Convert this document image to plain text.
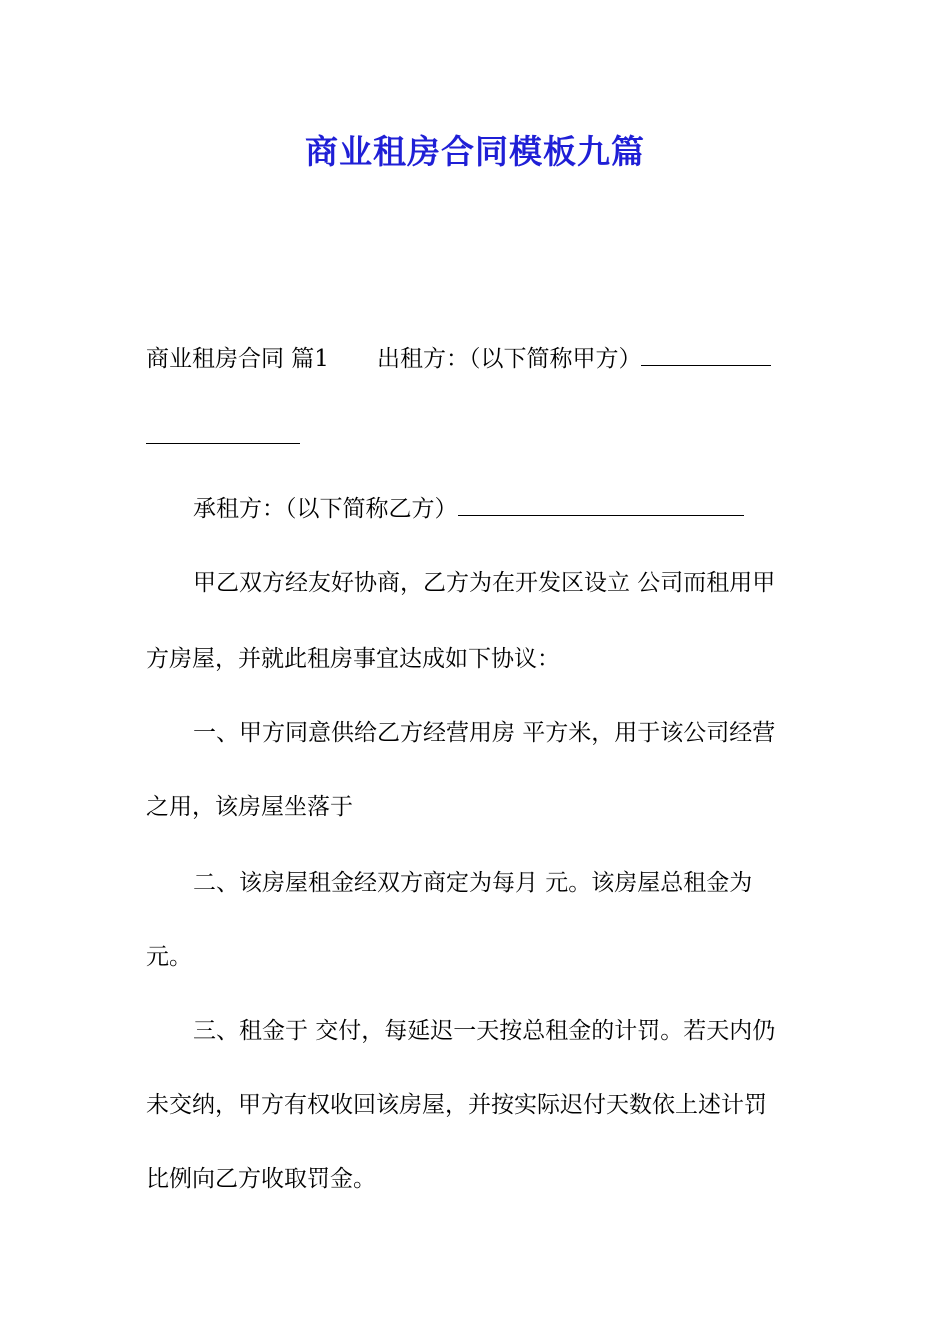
商业租房合同模板九篇
商业租房合同 篇1 出租方：（以下简称甲方）
承租方：（以下简称乙方）
甲乙双方经友好协商，乙方为在开发区设立 公司而租用甲
方房屋，并就此租房事宜达成如下协议：
一、甲方同意供给乙方经营用房 平方米，用于该公司经营
之用，该房屋坐落于
二、该房屋租金经双方商定为每月 元。该房屋总租金为
元。
三、租金于 交付，每延迟一天按总租金的计罚。若天内仍
未交纳，甲方有权收回该房屋，并按实际迟付天数依上述计罚
比例向乙方收取罚金。
